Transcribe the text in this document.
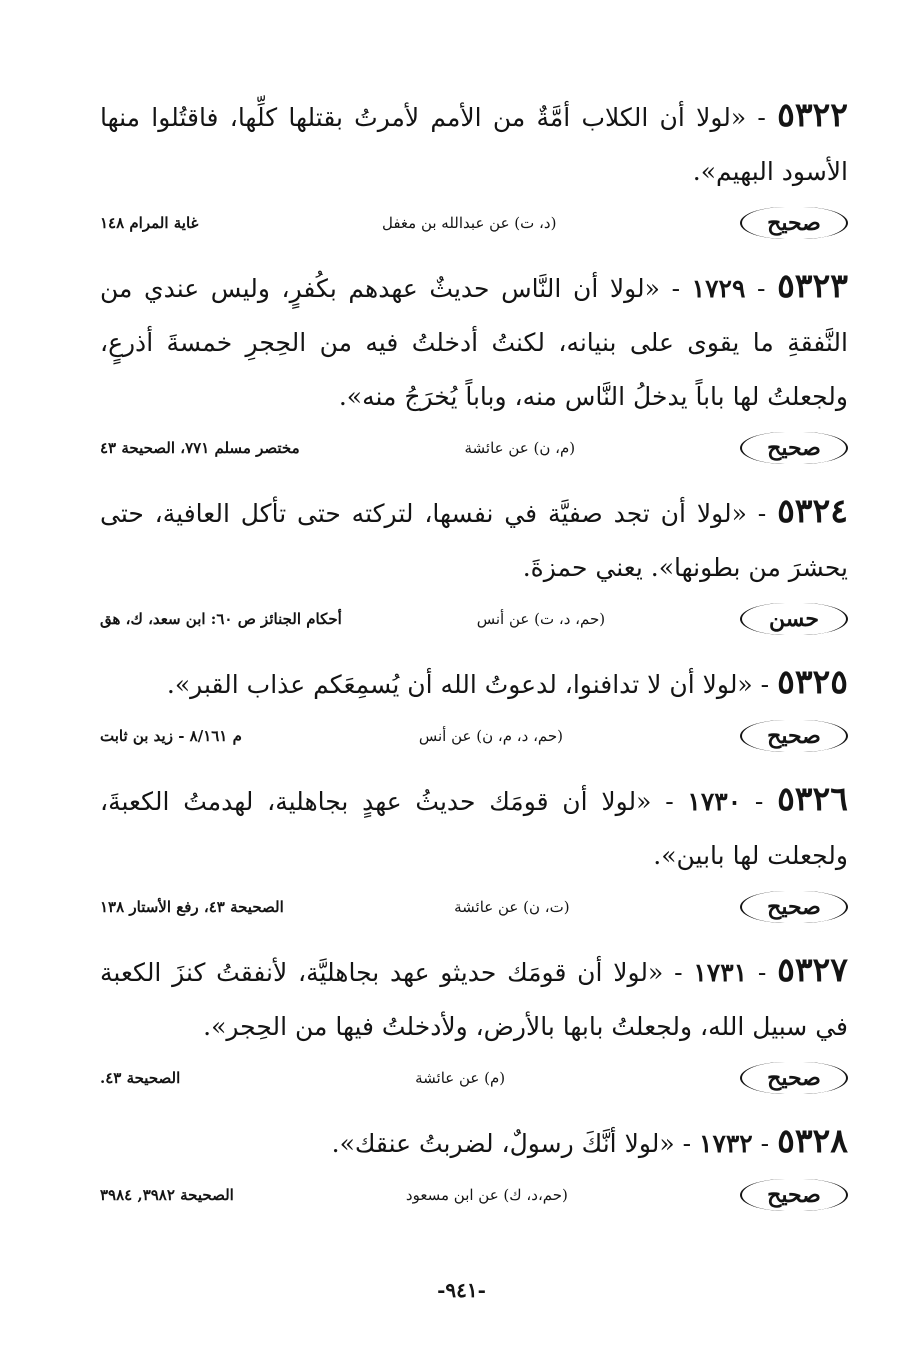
٥٣٢٢ - «لولا أن الكلاب أمَّةٌ من الأمم لأمرتُ بقتلها كلِّها، فاقتُلوا منها الأسود البهيم».

صحيح
(د، ت) عن عبدالله بن مغفل
غاية المرام ١٤٨

٥٣٢٣ - ١٧٢٩ - «لولا أن النَّاس حديثٌ عهدهم بكُفرٍ، وليس عندي من النَّفقةِ ما يقوى على بنيانه، لكنتُ أدخلتُ فيه من الحِجرِ خمسةَ أذرعٍ، ولجعلتُ لها باباً يدخلُ النَّاس منه، وباباً يُخرَجُ منه».

صحيح
(م، ن) عن عائشة
مختصر مسلم ٧٧١، الصحيحة ٤٣

٥٣٢٤ - «لولا أن تجد صفيَّة في نفسها، لتركته حتى تأكل العافية، حتى يحشرَ من بطونها». يعني حمزةَ.

حسن
(حم، د، ت) عن أنس
أحكام الجنائز ص ٦٠: ابن سعد، ك، هق

٥٣٢٥ - «لولا أن لا تدافنوا، لدعوتُ الله أن يُسمِعَكم عذاب القبر».

صحيح
(حم، د، م، ن) عن أنس
م ٨/١٦١ - زيد بن ثابت

٥٣٢٦ - ١٧٣٠ - «لولا أن قومَك حديثُ عهدٍ بجاهلية، لهدمتُ الكعبةَ، ولجعلت لها بابين».

صحيح
(ت، ن) عن عائشة
الصحيحة ٤٣، رفع الأستار ١٣٨

٥٣٢٧ - ١٧٣١ - «لولا أن قومَك حديثو عهد بجاهليَّة، لأنفقتُ كنزَ الكعبة في سبيل الله، ولجعلتُ بابها بالأرض، ولأدخلتُ فيها من الحِجر».

صحيح
(م) عن عائشة
الصحيحة ٤٣.

٥٣٢٨ - ١٧٣٢ - «لولا أنَّكَ رسولٌ، لضربتُ عنقك».

صحيح
(حم،د، ك) عن ابن مسعود
الصحيحة ٣٩٨٢, ٣٩٨٤
-٩٤١-
